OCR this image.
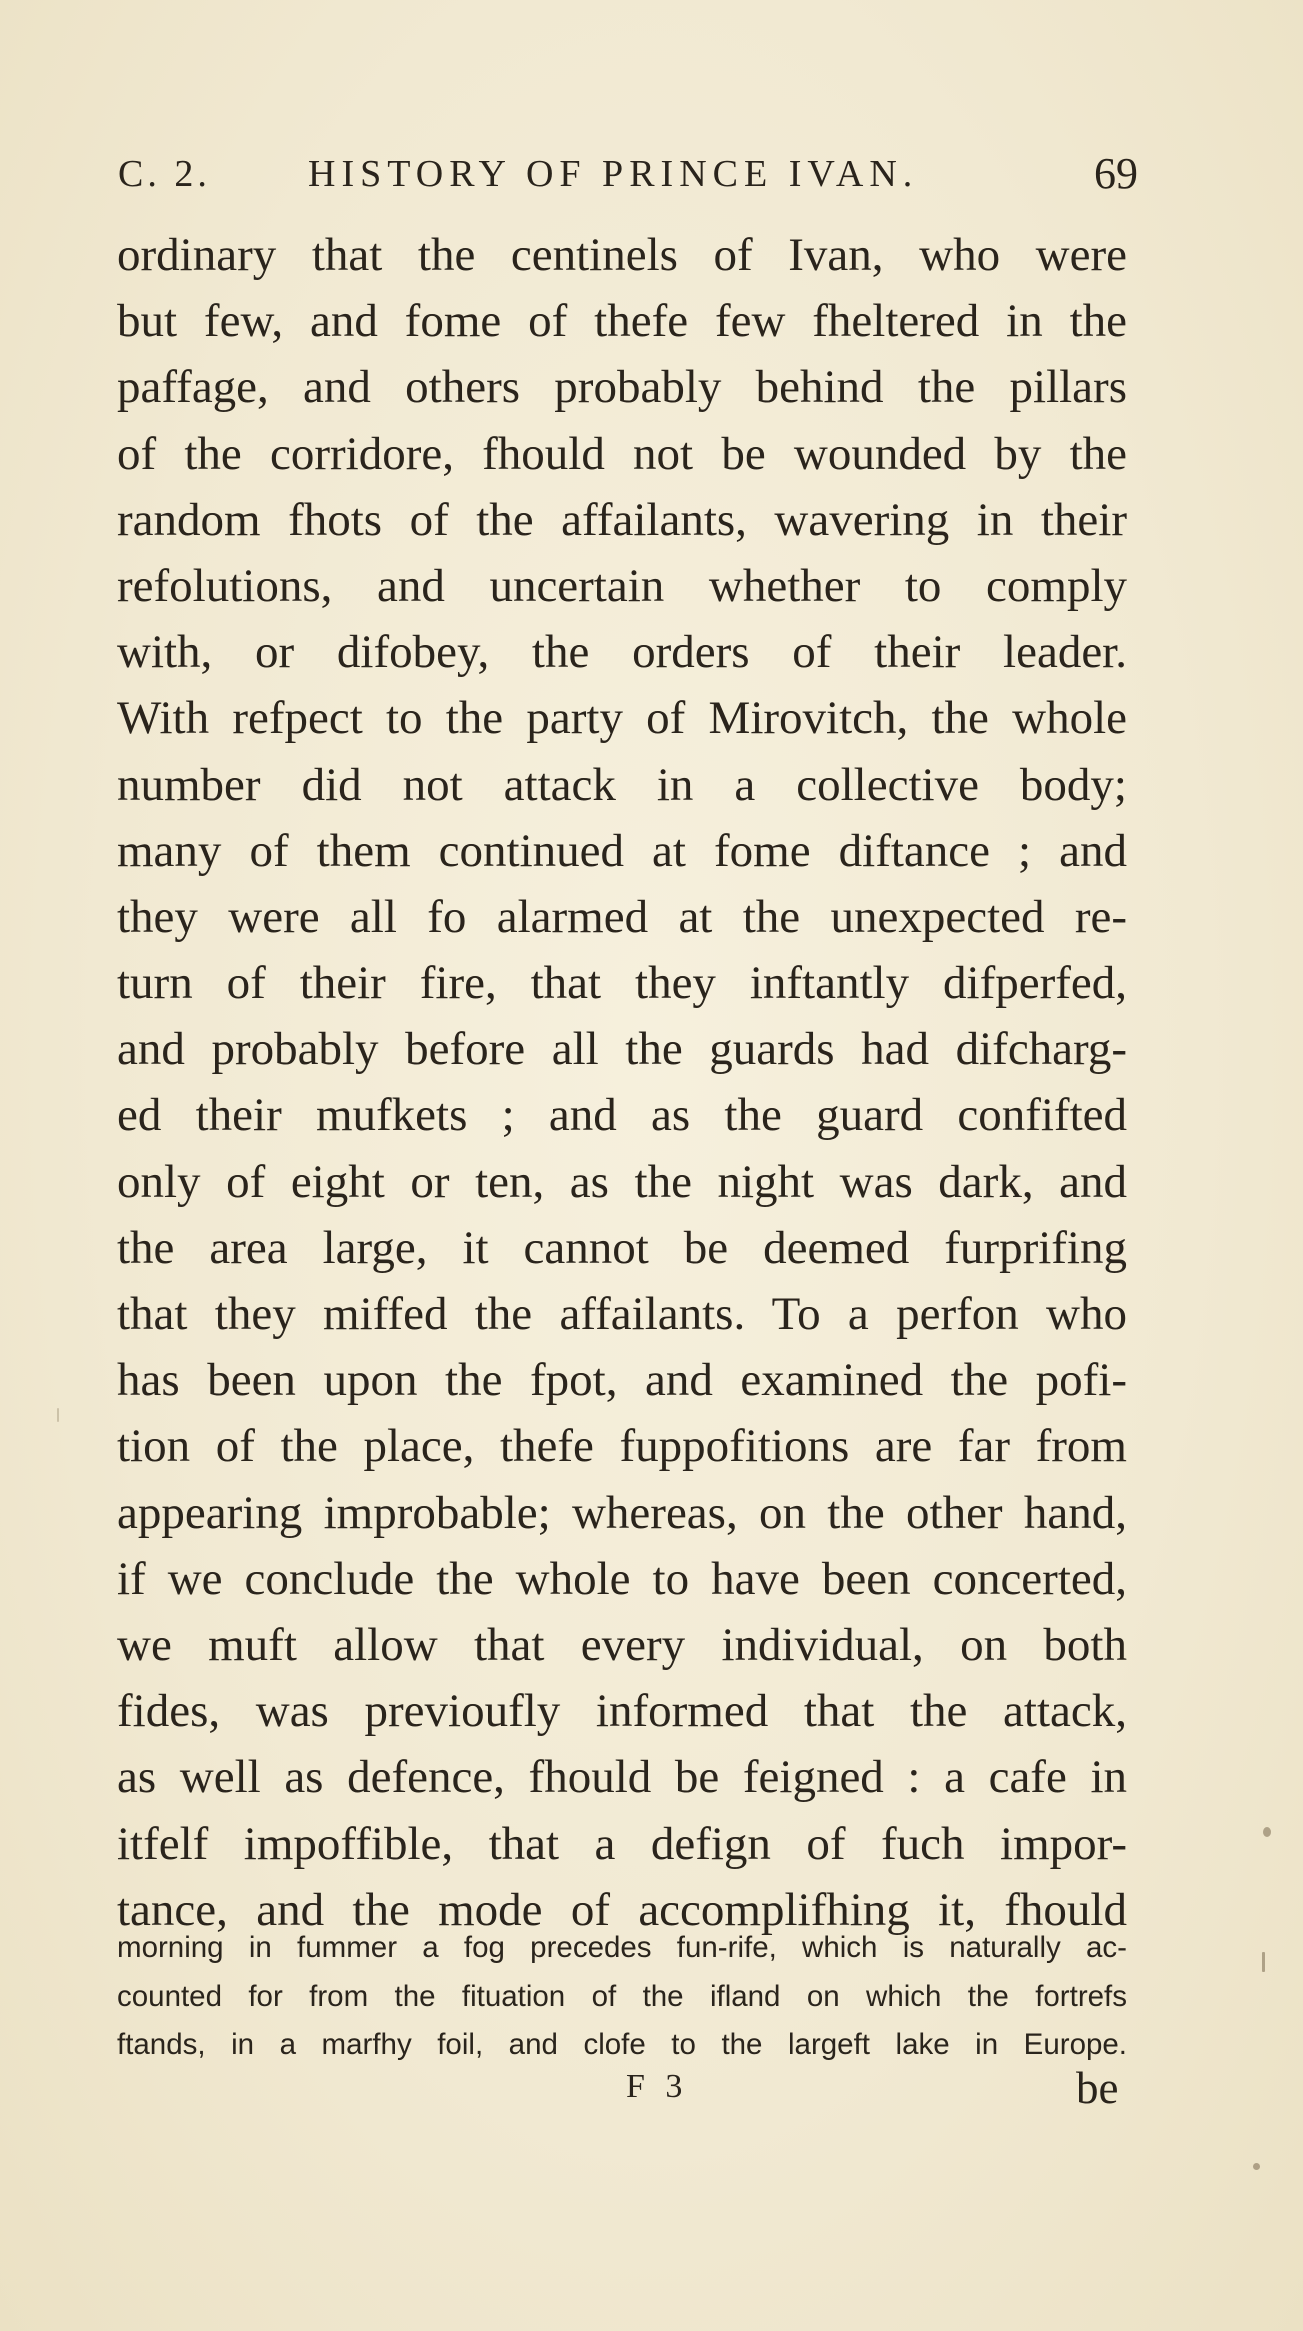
C. 2.	HISTORY OF PRINCE IVAN.	69
ordinary that the centinels of Ivan, who were
but few, and fome of thefe few fheltered in the
paffage, and others probably behind the pillars
of the corridore, fhould not be wounded by the
random fhots of the affailants, wavering in their
refolutions, and uncertain whether to comply
with, or difobey, the orders of their leader.
With refpect to the party of Mirovitch, the whole
number did not attack in a collective body;
many of them continued at fome diftance ; and
they were all fo alarmed at the unexpected re-
turn of their fire, that they inftantly difperfed,
and probably before all the guards had difcharg-
ed their mufkets ; and as the guard confifted
only of eight or ten, as the night was dark, and
the area large, it cannot be deemed furprifing
that they miffed the affailants. To a perfon who
has been upon the fpot, and examined the pofi-
tion of the place, thefe fuppofitions are far from
appearing improbable; whereas, on the other hand,
if we conclude the whole to have been concerted,
we muft allow that every individual, on both
fides, was previoufly informed that the attack,
as well as defence, fhould be feigned : a cafe in
itfelf impoffible, that a defign of fuch impor-
tance, and the mode of accomplifhing it, fhould
morning in fummer a fog precedes fun-rife, which is naturally ac-
counted for from the fituation of the ifland on which the fortrefs
ftands, in a marfhy foil, and clofe to the largeft lake in Europe.
F 3	be
